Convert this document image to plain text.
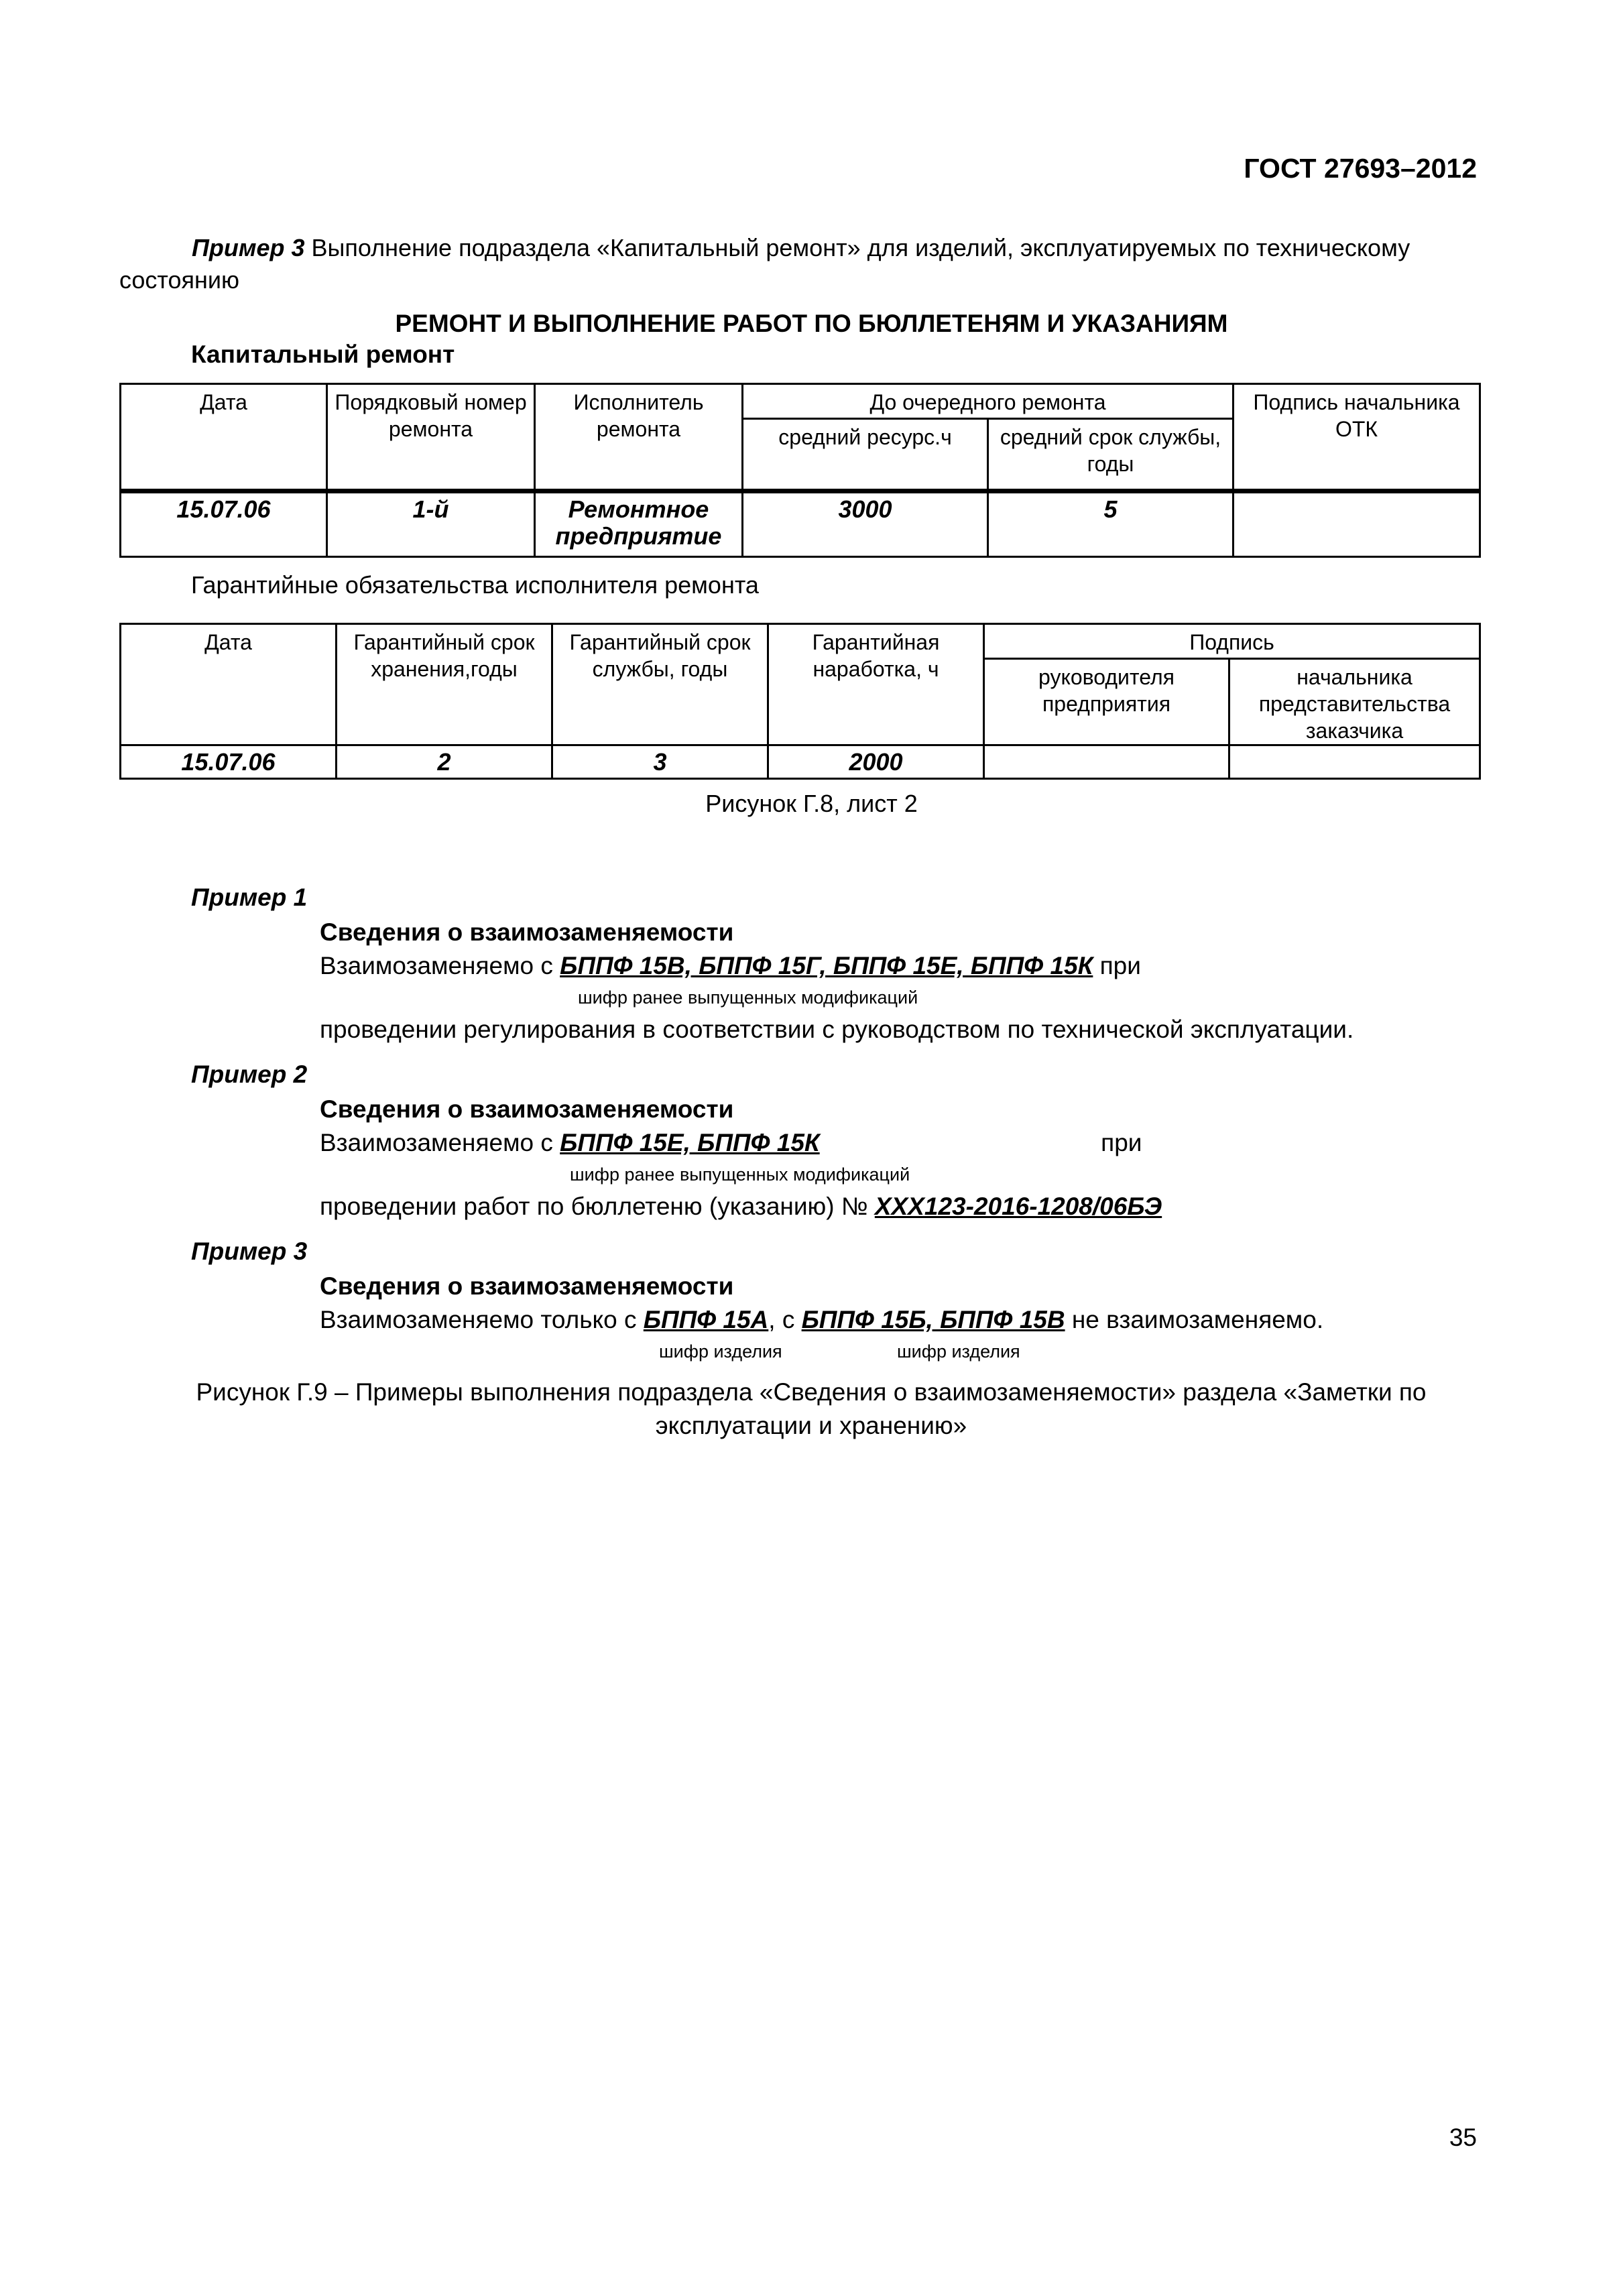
ГОСТ 27693–2012
Пример 3 Выполнение подраздела «Капитальный ремонт» для изделий, эксплуатируемых по техническому состоянию
РЕМОНТ И ВЫПОЛНЕНИЕ РАБОТ ПО БЮЛЛЕТЕНЯМ И УКАЗАНИЯМ
Капитальный ремонт
Дата	Порядковый номер ремонта	Исполнитель ремонта	До очередного ремонта		Подпись начальника ОТК
			средний ресурс.ч	средний срок службы, годы	
15.07.06	1-й	Ремонтное предприятие	3000	5	
Гарантийные обязательства исполнителя ремонта
Дата	Гарантийный срок хранения,годы	Гарантийный срок службы, годы	Гарантийная наработка, ч	Подпись	
				руководителя предприятия	начальника представительства заказчика
15.07.06	2	3	2000		
Рисунок Г.8, лист 2
Пример 1
Сведения о взаимозаменяемости
Взаимозаменяемо с БППФ 15В, БППФ 15Г, БППФ 15Е, БППФ 15К при
шифр ранее выпущенных модификаций
проведении регулирования в соответствии с руководством по технической эксплуатации.
Пример 2
Сведения о взаимозаменяемости
Взаимозаменяемо с БППФ 15Е, БППФ 15К	при
шифр ранее выпущенных модификаций
проведении работ по бюллетеню (указанию) № ХХХ123-2016-1208/06БЭ
Пример 3
Сведения о взаимозаменяемости
Взаимозаменяемо только с БППФ 15А, с БППФ 15Б, БППФ 15В не взаимозаменяемо.
шифр изделия	шифр изделия
Рисунок Г.9 – Примеры выполнения подраздела «Сведения о взаимозаменяемости» раздела «Заметки по эксплуатации и хранению»
35
